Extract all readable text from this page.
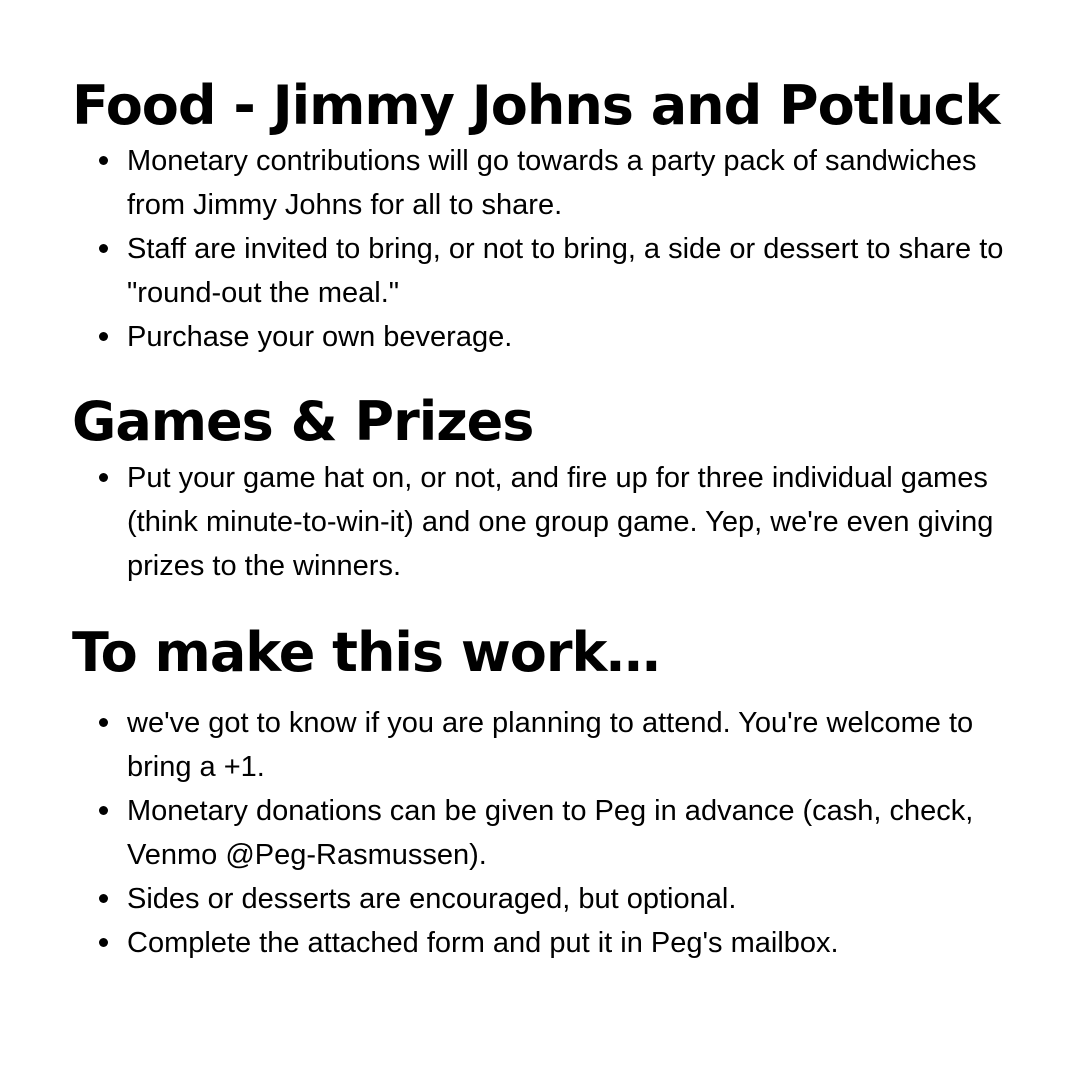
Food - Jimmy Johns and Potluck
Monetary contributions will go towards a party pack of sandwiches from Jimmy Johns for all to share.
Staff are invited to bring, or not to bring, a side or dessert to share to "round-out the meal."
Purchase your own beverage.
Games & Prizes
Put your game hat on, or not, and fire up for three individual games (think minute-to-win-it) and one group game. Yep, we're even giving prizes to the winners.
To make this work…
we've got to know if you are planning to attend. You're welcome to bring a +1.
Monetary donations can be given to Peg in advance (cash, check, Venmo @Peg-Rasmussen).
Sides or desserts are encouraged, but optional.
Complete the attached form and put it in Peg's mailbox.
